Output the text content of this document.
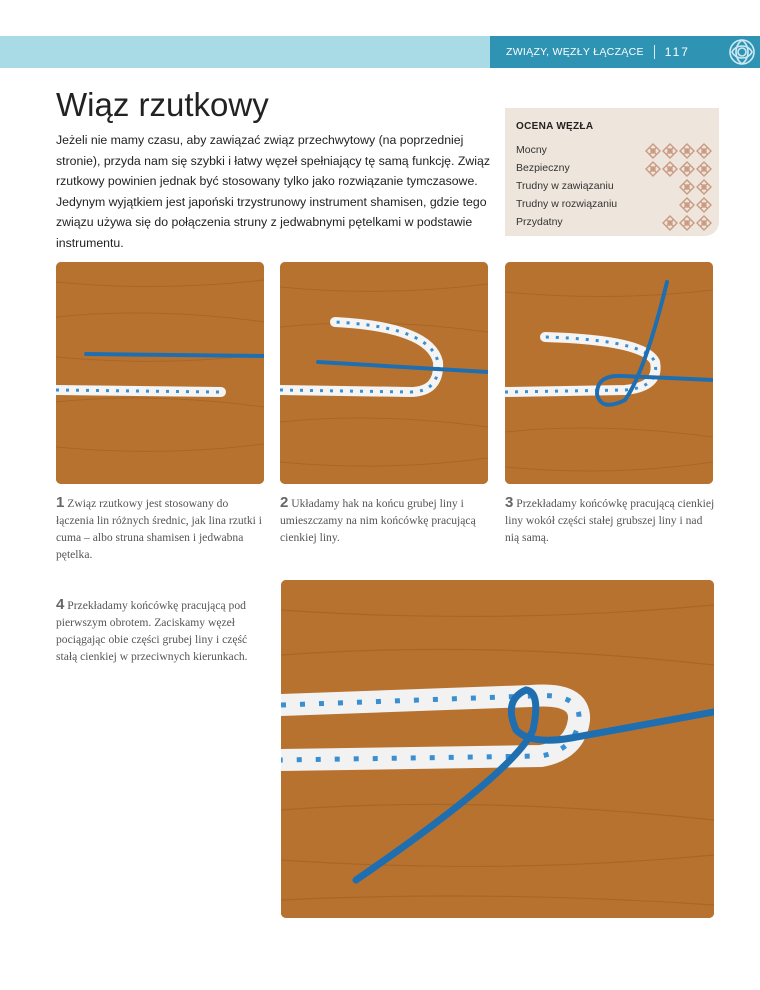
ZWIĄZY, WĘZŁY ŁĄCZĄCE 117
Wiąz rzutkowy

Jeżeli nie mamy czasu, aby zawiązać związ przechwytowy (na poprzedniej stronie), przyda nam się szybki i łatwy węzeł spełniający tę samą funkcję. Związ rzutkowy powinien jednak być stosowany tylko jako rozwiązanie tymczasowe. Jedynym wyjątkiem jest japoński trzystrunowy instrument shamisen, gdzie tego związu używa się do połączenia struny z jedwabnymi pętelkami w podstawie instrumentu.

OCENA WĘZŁA
Mocny
Bezpieczny
Trudny w zawiązaniu
Trudny w rozwiązaniu
Przydatny

1 Związ rzutkowy jest stosowany do łączenia lin różnych średnic, jak lina rzutki i cuma – albo struna shamisen i jedwabna pętelka.

2 Układamy hak na końcu grubej liny i umieszczamy na nim końcówkę pracującą cienkiej liny.

3 Przekładamy końcówkę pracującą cienkiej liny wokół części stałej grubszej liny i nad nią samą.

4 Przekładamy końcówkę pracującą pod pierwszym obrotem. Zaciskamy węzeł pociągając obie części grubej liny i część stałą cienkiej w przeciwnych kierunkach.
